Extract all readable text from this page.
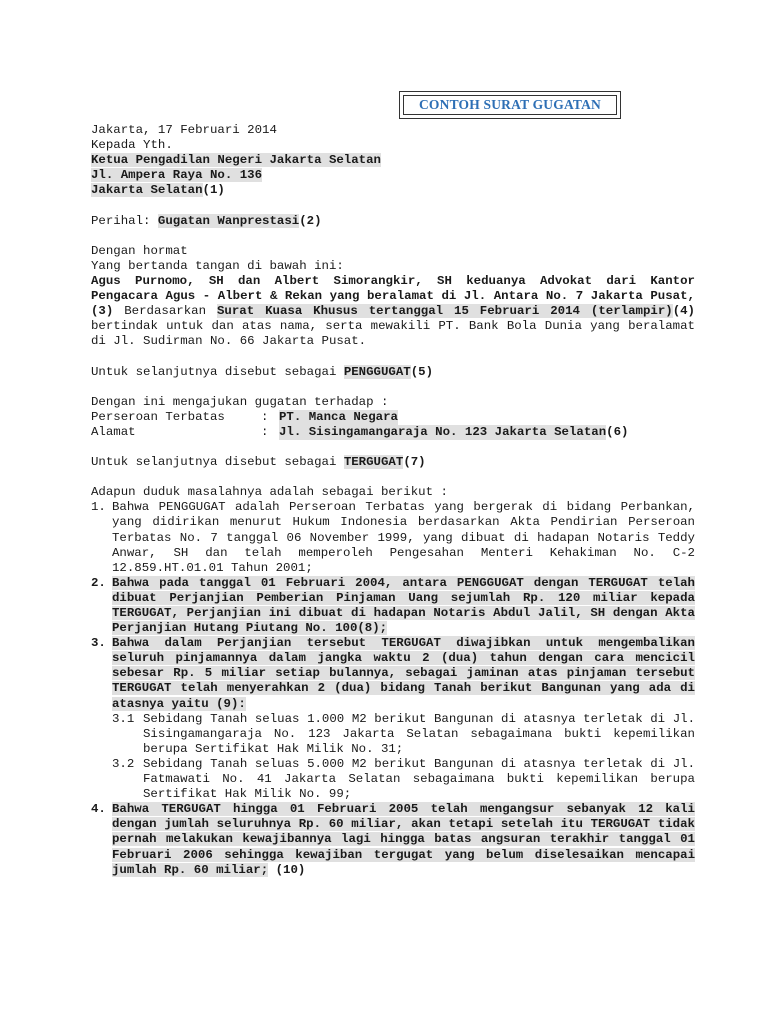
CONTOH SURAT GUGATAN
Jakarta, 17 Februari 2014
Kepada Yth.
Ketua Pengadilan Negeri Jakarta Selatan
Jl. Ampera Raya No. 136
Jakarta Selatan(1)
Perihal: Gugatan Wanprestasi(2)
Dengan hormat
Yang bertanda tangan di bawah ini:
Agus Purnomo, SH dan Albert Simorangkir, SH keduanya Advokat dari Kantor Pengacara Agus - Albert & Rekan yang beralamat di Jl. Antara No. 7 Jakarta Pusat,(3) Berdasarkan Surat Kuasa Khusus tertanggal 15 Februari 2014 (terlampir)(4) bertindak untuk dan atas nama, serta mewakili PT. Bank Bola Dunia yang beralamat di Jl. Sudirman No. 66 Jakarta Pusat.
Untuk selanjutnya disebut sebagai PENGGUGAT(5)
Dengan ini mengajukan gugatan terhadap :
Perseroan Terbatas	: PT. Manca Negara
Alamat	: Jl. Sisingamangaraja No. 123 Jakarta Selatan (6)
Untuk selanjutnya disebut sebagai TERGUGAT(7)
Adapun duduk masalahnya adalah sebagai berikut :
1. Bahwa PENGGUGAT adalah Perseroan Terbatas yang bergerak di bidang Perbankan, yang didirikan menurut Hukum Indonesia berdasarkan Akta Pendirian Perseroan Terbatas No. 7 tanggal 06 November 1999, yang dibuat di hadapan Notaris Teddy Anwar, SH dan telah memperoleh Pengesahan Menteri Kehakiman No. C-2 12.859.HT.01.01 Tahun 2001;
2. Bahwa pada tanggal 01 Februari 2004, antara PENGGUGAT dengan TERGUGAT telah dibuat Perjanjian Pemberian Pinjaman Uang sejumlah Rp. 120 miliar kepada TERGUGAT, Perjanjian ini dibuat di hadapan Notaris Abdul Jalil, SH dengan Akta Perjanjian Hutang Piutang No. 100(8);
3. Bahwa dalam Perjanjian tersebut TERGUGAT diwajibkan untuk mengembalikan seluruh pinjamannya dalam jangka waktu 2 (dua) tahun dengan cara mencicil sebesar Rp. 5 miliar setiap bulannya, sebagai jaminan atas pinjaman tersebut TERGUGAT telah menyerahkan 2 (dua) bidang Tanah berikut Bangunan yang ada di atasnya yaitu (9):
3.1 Sebidang Tanah seluas 1.000 M2 berikut Bangunan di atasnya terletak di Jl. Sisingamangaraja No. 123 Jakarta Selatan sebagaimana bukti kepemilikan berupa Sertifikat Hak Milik No. 31;
3.2 Sebidang Tanah seluas 5.000 M2 berikut Bangunan di atasnya terletak di Jl. Fatmawati No. 41 Jakarta Selatan sebagaimana bukti kepemilikan berupa Sertifikat Hak Milik No. 99;
4. Bahwa TERGUGAT hingga 01 Februari 2005 telah mengangsur sebanyak 12 kali dengan jumlah seluruhnya Rp. 60 miliar, akan tetapi setelah itu TERGUGAT tidak pernah melakukan kewajibannya lagi hingga batas angsuran terakhir tanggal 01 Februari 2006 sehingga kewajiban tergugat yang belum diselesaikan mencapai jumlah Rp. 60 miliar; (10)
